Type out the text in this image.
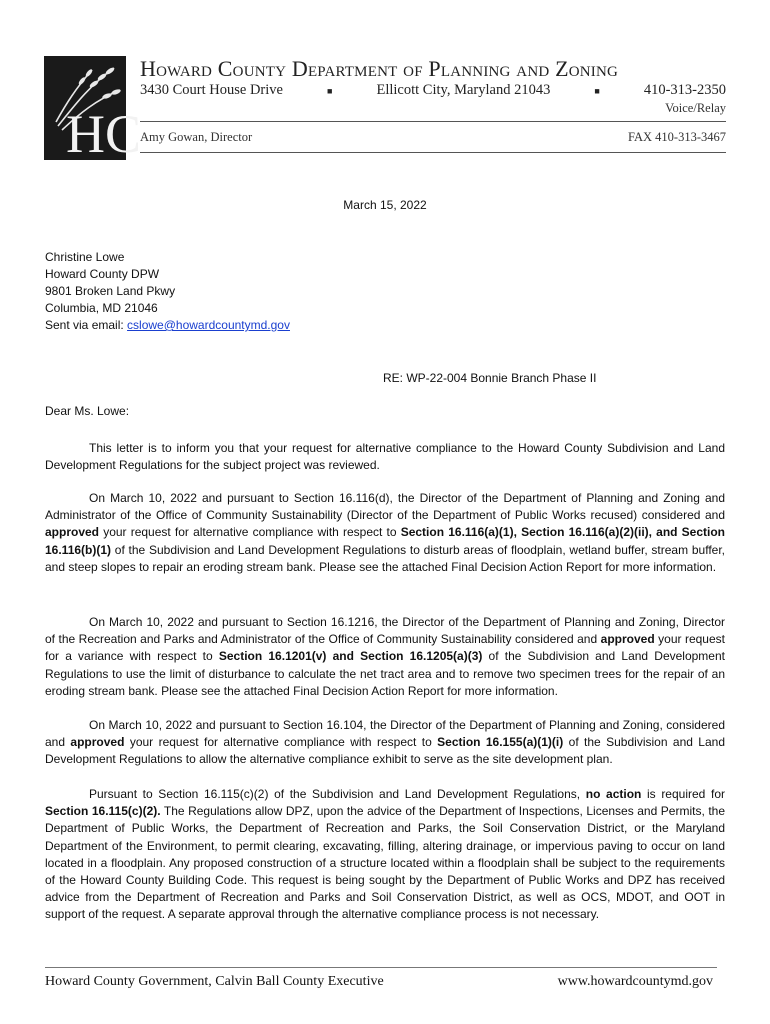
HC
Howard County Department of Planning and Zoning
3430 Court House Drive	■	Ellicott City, Maryland 21043	■	410-313-2350
Voice/Relay
Amy Gowan, Director	FAX 410-313-3467
March 15, 2022
Christine Lowe
Howard County DPW
9801 Broken Land Pkwy
Columbia, MD 21046
Sent via email: cslowe@howardcountymd.gov
RE: WP-22-004 Bonnie Branch Phase II
Dear Ms. Lowe:
This letter is to inform you that your request for alternative compliance to the Howard County Subdivision and Land Development Regulations for the subject project was reviewed.
On March 10, 2022 and pursuant to Section 16.116(d), the Director of the Department of Planning and Zoning and Administrator of the Office of Community Sustainability (Director of the Department of Public Works recused) considered and approved your request for alternative compliance with respect to Section 16.116(a)(1), Section 16.116(a)(2)(ii), and Section 16.116(b)(1) of the Subdivision and Land Development Regulations to disturb areas of floodplain, wetland buffer, stream buffer, and steep slopes to repair an eroding stream bank. Please see the attached Final Decision Action Report for more information.
On March 10, 2022 and pursuant to Section 16.1216, the Director of the Department of Planning and Zoning, Director of the Recreation and Parks and Administrator of the Office of Community Sustainability considered and approved your request for a variance with respect to Section 16.1201(v) and Section 16.1205(a)(3) of the Subdivision and Land Development Regulations to use the limit of disturbance to calculate the net tract area and to remove two specimen trees for the repair of an eroding stream bank. Please see the attached Final Decision Action Report for more information.
On March 10, 2022 and pursuant to Section 16.104, the Director of the Department of Planning and Zoning, considered and approved your request for alternative compliance with respect to Section 16.155(a)(1)(i) of the Subdivision and Land Development Regulations to allow the alternative compliance exhibit to serve as the site development plan.
Pursuant to Section 16.115(c)(2) of the Subdivision and Land Development Regulations, no action is required for Section 16.115(c)(2). The Regulations allow DPZ, upon the advice of the Department of Inspections, Licenses and Permits, the Department of Public Works, the Department of Recreation and Parks, the Soil Conservation District, or the Maryland Department of the Environment, to permit clearing, excavating, filling, altering drainage, or impervious paving to occur on land located in a floodplain. Any proposed construction of a structure located within a floodplain shall be subject to the requirements of the Howard County Building Code. This request is being sought by the Department of Public Works and DPZ has received advice from the Department of Recreation and Parks and Soil Conservation District, as well as OCS, MDOT, and OOT in support of the request. A separate approval through the alternative compliance process is not necessary.
Howard County Government, Calvin Ball County Executive	www.howardcountymd.gov
